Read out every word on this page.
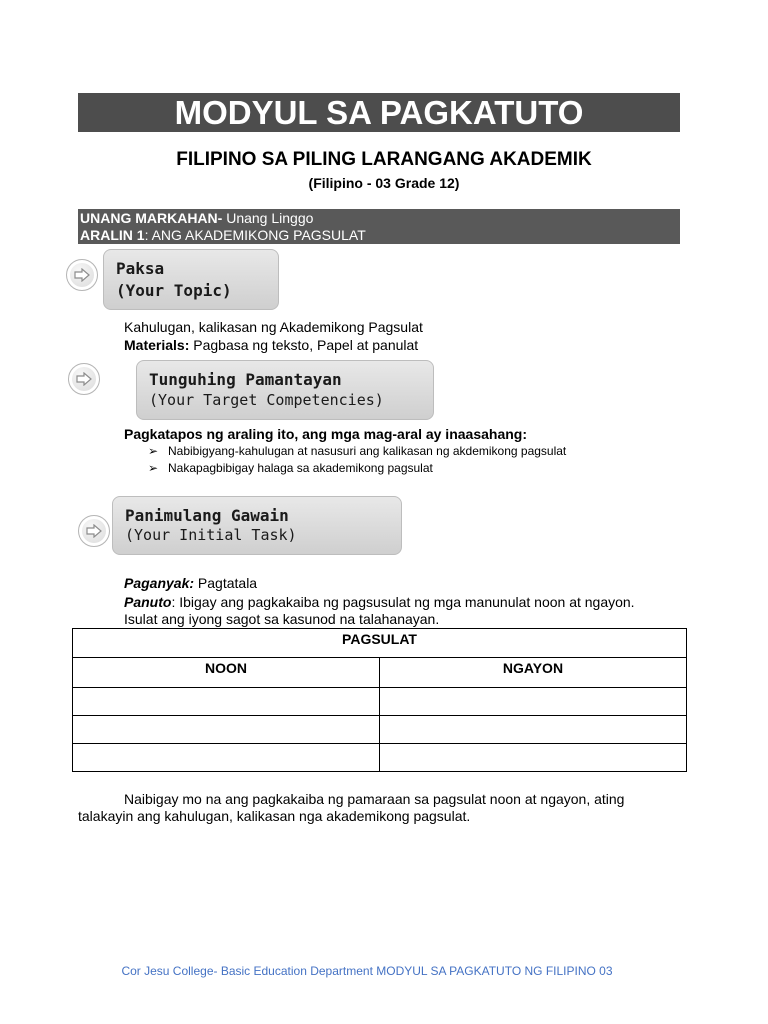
MODYUL SA PAGKATUTO
FILIPINO SA PILING LARANGANG AKADEMIK
(Filipino - 03 Grade 12)
UNANG MARKAHAN- Unang Linggo
ARALIN 1: ANG AKADEMIKONG PAGSULAT
Paksa
(Your Topic)
Kahulugan, kalikasan ng Akademikong Pagsulat
Materials: Pagbasa ng teksto, Papel at panulat
Tunguhing Pamantayan
(Your Target Competencies)
Pagkatapos ng araling ito, ang mga mag-aral ay inaasahang:
➢ Nabibigyang-kahulugan at nasusuri ang kalikasan ng akdemikong pagsulat
➢ Nakapagbibigay halaga sa akademikong pagsulat
Panimulang Gawain
(Your Initial Task)
Paganyak: Pagtatala
Panuto: Ibigay ang pagkakaiba ng pagsusulat ng mga manunulat noon at ngayon.
Isulat ang iyong sagot sa kasunod na talahanayan.
PAGSULAT	
NOON	NGAYON

Naibigay mo na ang pagkakaiba ng pamaraan sa pagsulat noon at ngayon, ating
talakayin ang kahulugan, kalikasan nga akademikong pagsulat.
Cor Jesu College- Basic Education Department MODYUL SA PAGKATUTO NG FILIPINO 03
